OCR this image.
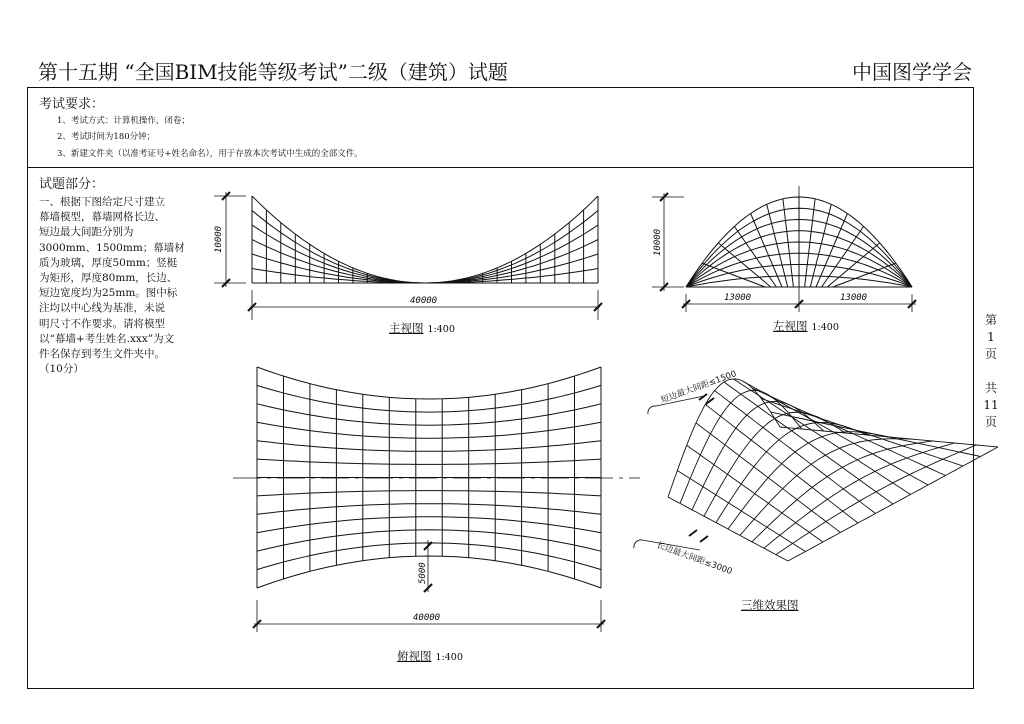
第十五期 “全国BIM技能等级考试”二级（建筑）试题	中国图学学会
考试要求：
1、考试方式：计算机操作，闭卷；
2、考试时间为180分钟；
3、新建文件夹（以准考证号+姓名命名），用于存放本次考试中生成的全部文件。
试题部分：
一、根据下图给定尺寸建立
幕墙模型，幕墙网格长边、
短边最大间距分别为
3000mm、1500mm；幕墙材
质为玻璃，厚度50mm；竖梃
为矩形，厚度80mm，长边、
短边宽度均为25mm。图中标
注均以中心线为基准，未说
明尺寸不作要求。请将模型
以“幕墙+考生姓名.xxx”为文
件名保存到考生文件夹中。
（10分）
40000
10000
13000	13000
10000
40000
5000
短边最大间距≤1500
长边最大间距≤3000
主视图 1:400	左视图 1:400
俯视图 1:400
三维效果图
第
1
页
共
11
页
